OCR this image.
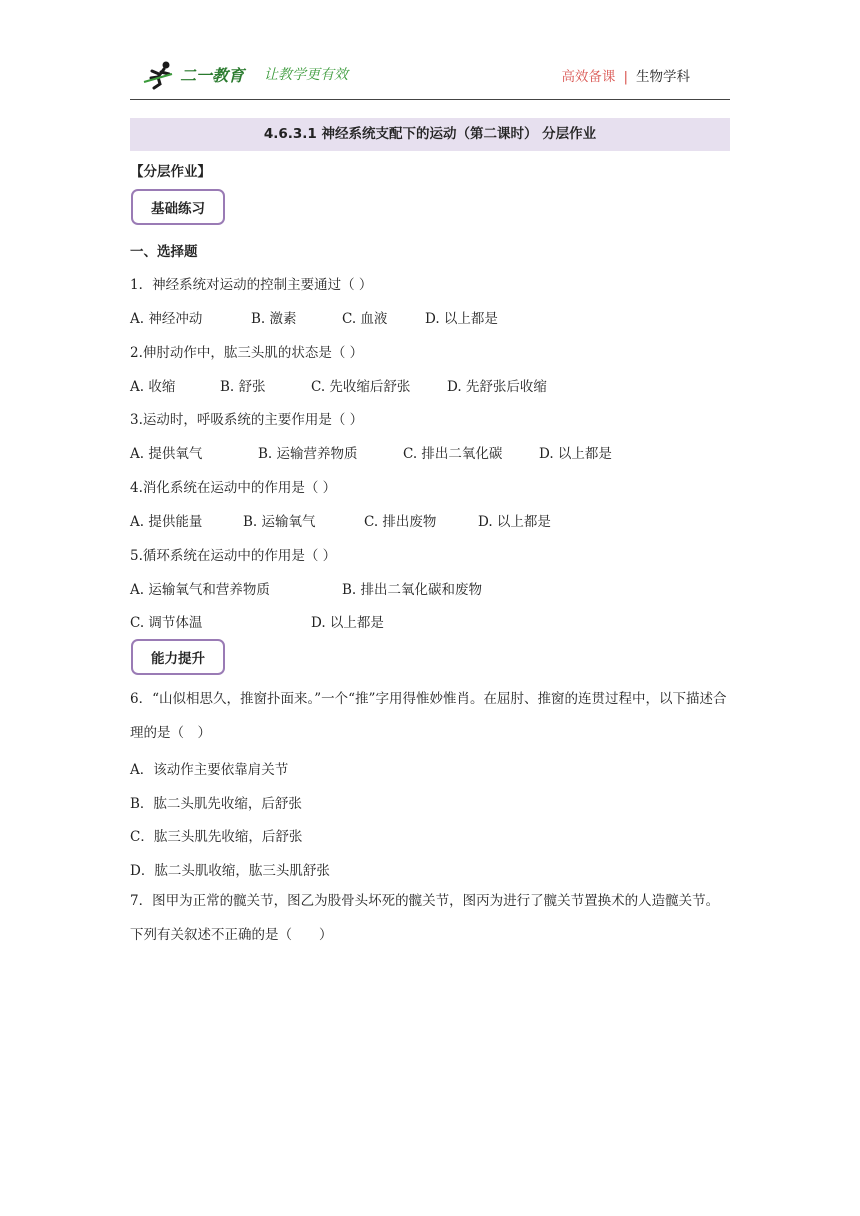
二一教育 让教学更有效	高效备课 | 生物学科
4.6.3.1 神经系统支配下的运动（第二课时） 分层作业
【分层作业】
基础练习
一、选择题
1．神经系统对运动的控制主要通过（ ）
A. 神经冲动	B. 激素	C. 血液	D. 以上都是
2.伸肘动作中，肱三头肌的状态是（ ）
A. 收缩	B. 舒张	C. 先收缩后舒张	D. 先舒张后收缩
3.运动时，呼吸系统的主要作用是（ ）
A. 提供氧气	B. 运输营养物质	C. 排出二氧化碳	D. 以上都是
4.消化系统在运动中的作用是（ ）
A. 提供能量	B. 运输氧气	C. 排出废物	D. 以上都是
5.循环系统在运动中的作用是（ ）
A. 运输氧气和营养物质	B. 排出二氧化碳和废物
C. 调节体温	D. 以上都是
能力提升
6．“山似相思久，推窗扑面来。”一个“推”字用得惟妙惟肖。在屈肘、推窗的连贯过程中，以下描述合理的是（　）
A．该动作主要依靠肩关节
B．肱二头肌先收缩，后舒张
C．肱三头肌先收缩，后舒张
D．肱二头肌收缩，肱三头肌舒张
7．图甲为正常的髋关节，图乙为股骨头坏死的髋关节，图丙为进行了髋关节置换术的人造髋关节。下列有关叙述不正确的是（　　）
